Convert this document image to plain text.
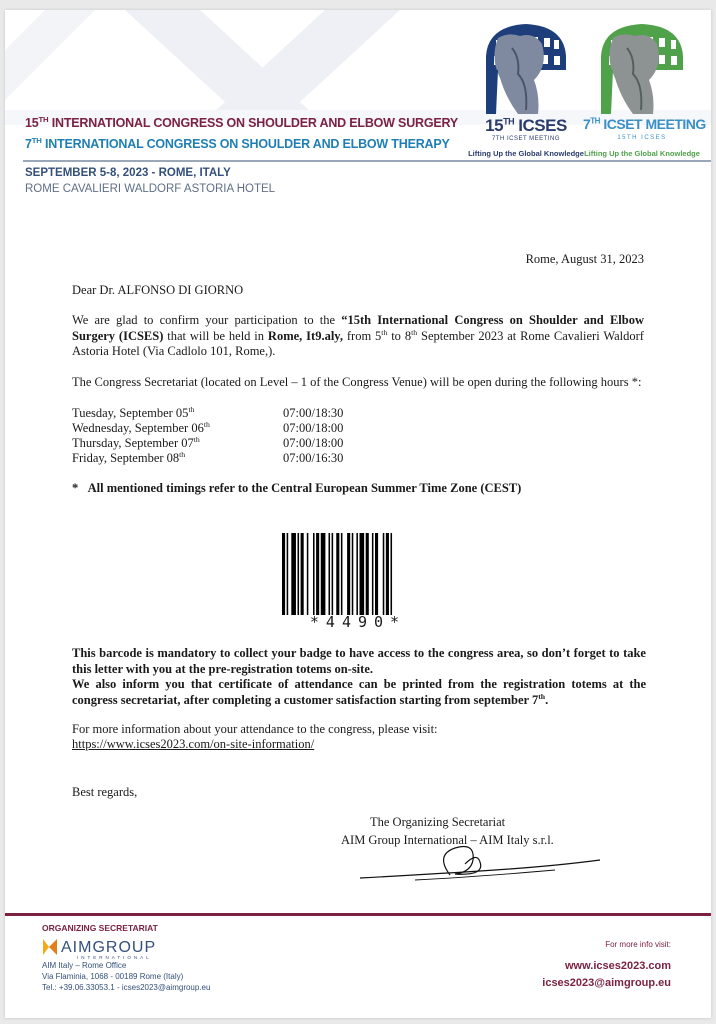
15TH INTERNATIONAL CONGRESS ON SHOULDER AND ELBOW SURGERY
7TH INTERNATIONAL CONGRESS ON SHOULDER AND ELBOW THERAPY
SEPTEMBER 5-8, 2023 - ROME, ITALY
ROME CAVALIERI WALDORF ASTORIA HOTEL
15TH ICSES
7TH ICSET MEETING
Lifting Up the Global Knowledge
7TH ICSET MEETING
15TH ICSES
Lifting Up the Global Knowledge
Rome, August 31, 2023
Dear Dr. ALFONSO DI GIORNO
We are glad to confirm your participation to the “15th International Congress on Shoulder and Elbow Surgery (ICSES) that will be held in Rome, It9.aly, from 5th to 8th September 2023 at Rome Cavalieri Waldorf Astoria Hotel (Via Cadlolo 101, Rome,).
The Congress Secretariat (located on Level – 1 of the Congress Venue) will be open during the following hours *:
Tuesday, September 05th	07:00/18:30
Wednesday, September 06th	07:00/18:00
Thursday, September 07th	07:00/18:00
Friday, September 08th	07:00/16:30
* All mentioned timings refer to the Central European Summer Time Zone (CEST)
*4490*
This barcode is mandatory to collect your badge to have access to the congress area, so don’t forget to take this letter with you at the pre-registration totems on-site.
We also inform you that certificate of attendance can be printed from the registration totems at the congress secretariat, after completing a customer satisfaction starting from september 7th.
For more information about your attendance to the congress, please visit:
https://www.icses2023.com/on-site-information/
Best regards,
The Organizing Secretariat
AIM Group International – AIM Italy s.r.l.
ORGANIZING SECRETARIAT
AIMGROUP
INTERNATIONAL
AIM Italy – Rome Office
Via Flaminia, 1068 - 00189 Rome (Italy)
Tel.: +39.06.33053.1 - icses2023@aimgroup.eu
For more info visit:
www.icses2023.com
icses2023@aimgroup.eu
